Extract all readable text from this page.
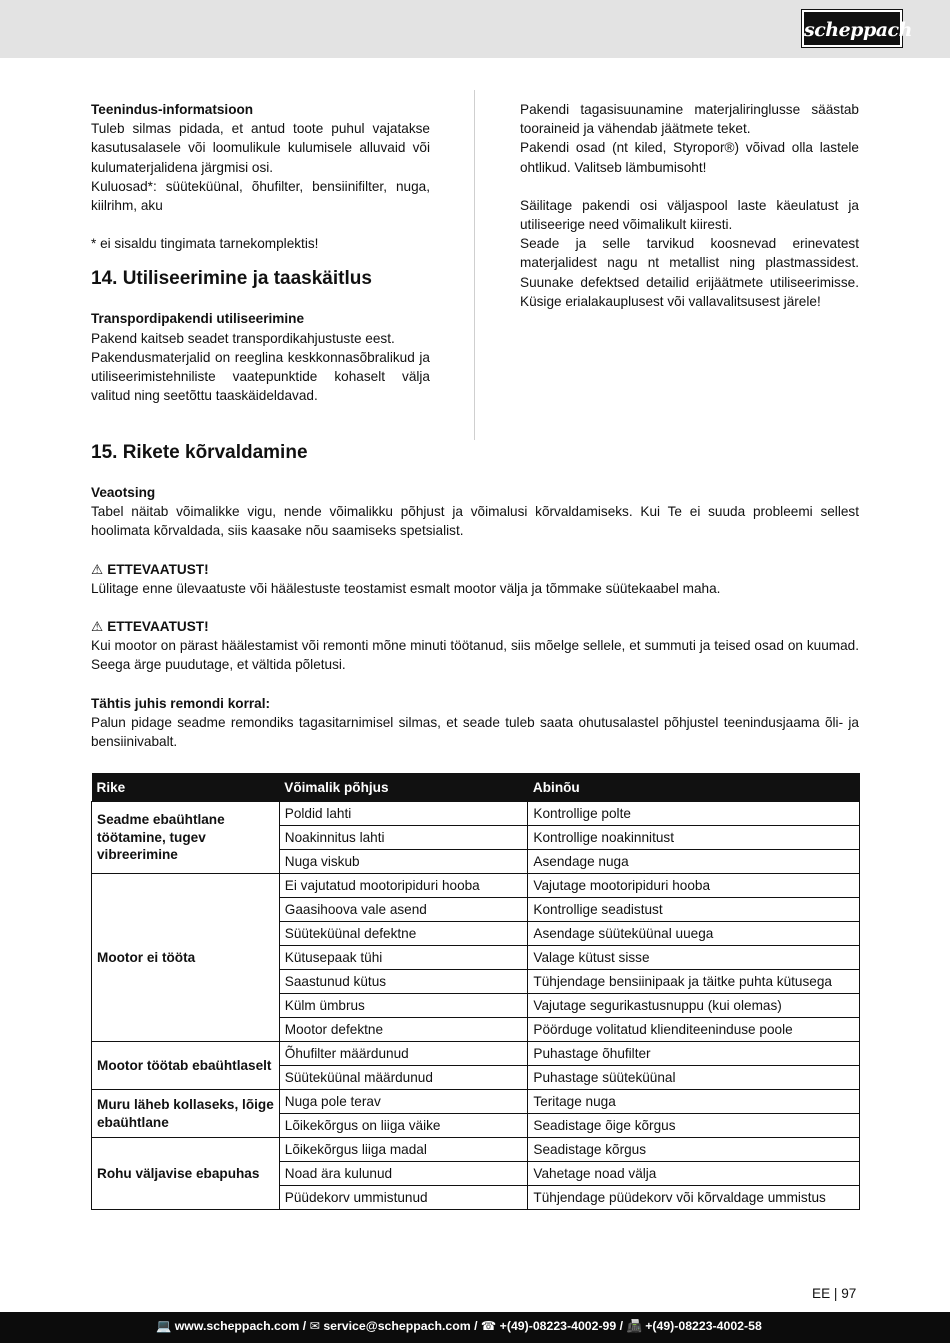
scheppach

Teenindus-informatsioon

Tuleb silmas pidada, et antud toote puhul vajatakse kasutusalasele või loomulikule kulumisele alluvaid või kulumaterjalidena järgmisi osi.

Kuluosad*: süüteküünal, õhufilter, bensiinifilter, nuga, kiilrihm, aku

* ei sisaldu tingimata tarnekomplektis!

14. Utiliseerimine ja taaskäitlus

Transpordipakendi utiliseerimine

Pakend kaitseb seadet transpordikahjustuste eest.

Pakendusmaterjalid on reeglina keskkonnasõbralikud ja utiliseerimistehniliste vaatepunktide kohaselt välja valitud ning seetõttu taaskäideldavad.

Pakendi tagasisuunamine materjaliringlusse säästab tooraineid ja vähendab jäätmete teket.

Pakendi osad (nt kiled, Styropor®) võivad olla lastele ohtlikud. Valitseb lämbumisoht!

Säilitage pakendi osi väljaspool laste käeulatust ja utiliseerige need võimalikult kiiresti.

Seade ja selle tarvikud koosnevad erinevatest materjalidest nagu nt metallist ning plastmassidest. Suunake defektsed detailid erijäätmete utiliseerimisse. Küsige erialakauplusest või vallavalitsusest järele!

15. Rikete kõrvaldamine

Veaotsing

Tabel näitab võimalikke vigu, nende võimalikku põhjust ja võimalusi kõrvaldamiseks. Kui Te ei suuda probleemi sellest hoolimata kõrvaldada, siis kaasake nõu saamiseks spetsialist.

⚠ ETTEVAATUST!

Lülitage enne ülevaatuste või häälestuste teostamist esmalt mootor välja ja tõmmake süütekaabel maha.

⚠ ETTEVAATUST!

Kui mootor on pärast häälestamist või remonti mõne minuti töötanud, siis mõelge sellele, et summuti ja teised osad on kuumad. Seega ärge puudutage, et vältida põletusi.

Tähtis juhis remondi korral:

Palun pidage seadme remondiks tagasitarnimisel silmas, et seade tuleb saata ohutusalastel põhjustel teenindusjaama õli- ja bensiinivabalt.

Rike	Võimalik põhjus	Abinõu
Seadme ebaühtlane töötamine, tugev vibreerimine	Poldid lahti	Kontrollige polte
	Noakinnitus lahti	Kontrollige noakinnitust
	Nuga viskub	Asendage nuga
Mootor ei tööta	Ei vajutatud mootoripiduri hooba	Vajutage mootoripiduri hooba
	Gaasihoova vale asend	Kontrollige seadistust
	Süüteküünal defektne	Asendage süüteküünal uuega
	Kütusepaak tühi	Valage kütust sisse
	Saastunud kütus	Tühjendage bensiinipaak ja täitke puhta kütusega
	Külm ümbrus	Vajutage segurikastusnuppu (kui olemas)
	Mootor defektne	Pöörduge volitatud klienditeeninduse poole
Mootor töötab ebaühtlaselt	Õhufilter määrdunud	Puhastage õhufilter
	Süüteküünal määrdunud	Puhastage süüteküünal
Muru läheb kollaseks, lõige ebaühtlane	Nuga pole terav	Teritage nuga
	Lõikekõrgus on liiga väike	Seadistage õige kõrgus
Rohu väljavise ebapuhas	Lõikekõrgus liiga madal	Seadistage kõrgus
	Noad ära kulunud	Vahetage noad välja
	Püüdekorv ummistunud	Tühjendage püüdekorv või kõrvaldage ummistus
EE | 97
💻 www.scheppach.com / ✉ service@scheppach.com / ☎ +(49)-08223-4002-99 / 📠 +(49)-08223-4002-58
